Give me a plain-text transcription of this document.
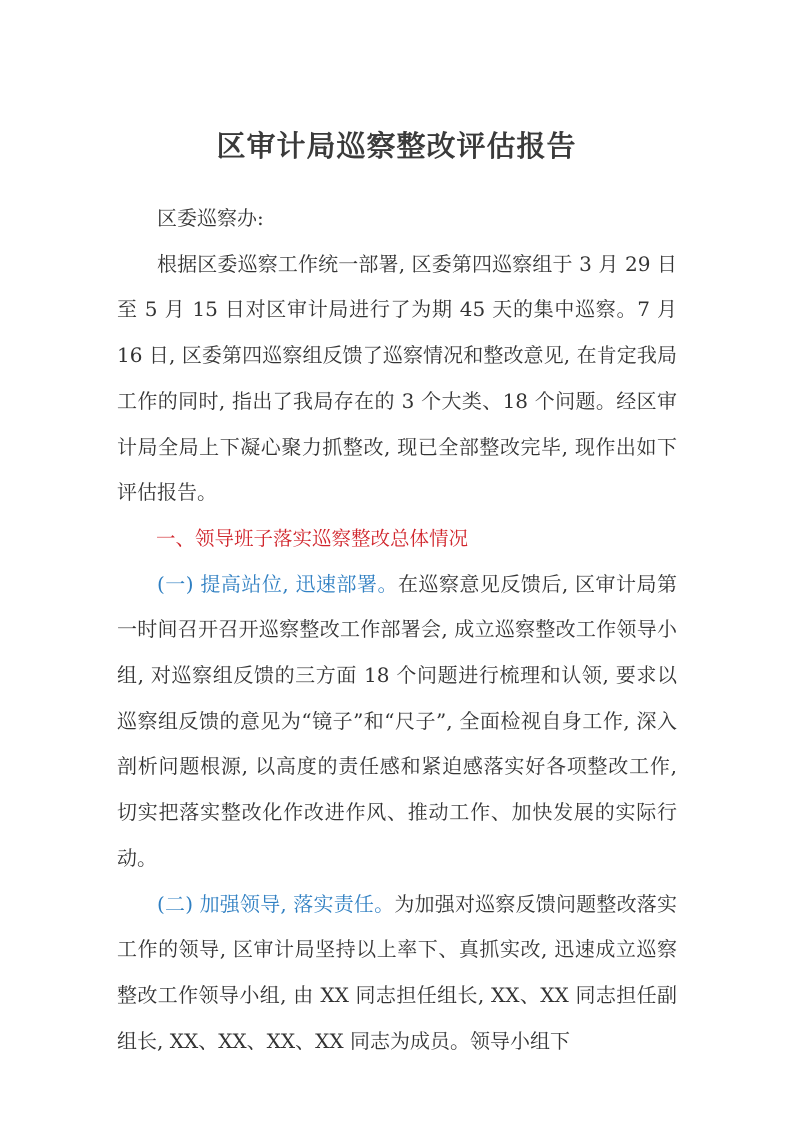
区审计局巡察整改评估报告

区委巡察办:

根据区委巡察工作统一部署, 区委第四巡察组于 3 月 29 日至 5 月 15 日对区审计局进行了为期 45 天的集中巡察。7 月 16 日, 区委第四巡察组反馈了巡察情况和整改意见, 在肯定我局工作的同时, 指出了我局存在的 3 个大类、18 个问题。经区审计局全局上下凝心聚力抓整改, 现已全部整改完毕, 现作出如下评估报告。

一、领导班子落实巡察整改总体情况

(一) 提高站位, 迅速部署。在巡察意见反馈后, 区审计局第一时间召开召开巡察整改工作部署会, 成立巡察整改工作领导小组, 对巡察组反馈的三方面 18 个问题进行梳理和认领, 要求以巡察组反馈的意见为“镜子”和“尺子”, 全面检视自身工作, 深入剖析问题根源, 以高度的责任感和紧迫感落实好各项整改工作, 切实把落实整改化作改进作风、推动工作、加快发展的实际行动。

(二) 加强领导, 落实责任。为加强对巡察反馈问题整改落实工作的领导, 区审计局坚持以上率下、真抓实改, 迅速成立巡察整改工作领导小组, 由 XX 同志担任组长, XX、XX 同志担任副组长, XX、XX、XX、XX 同志为成员。领导小组下
